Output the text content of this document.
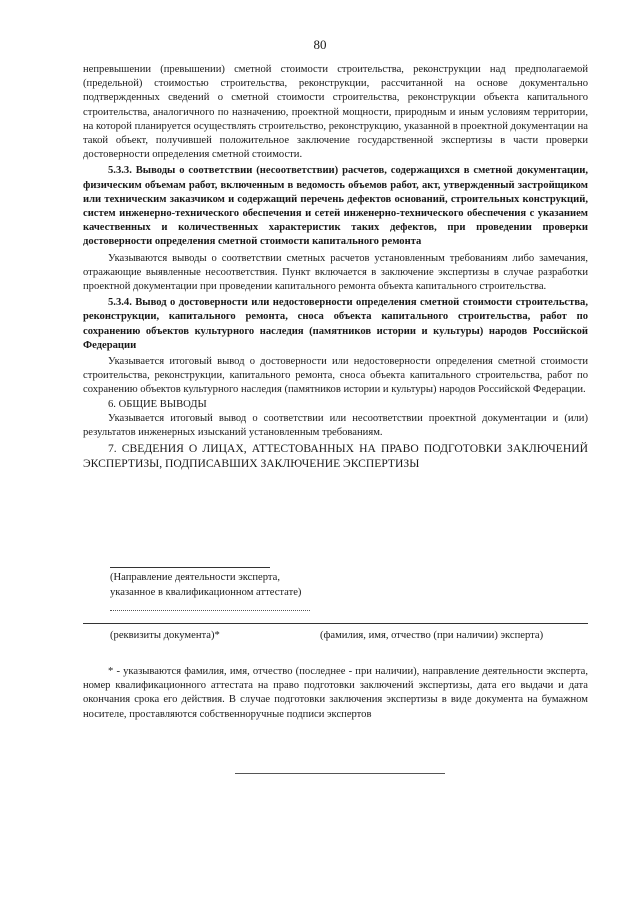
80

непревышении (превышении) сметной стоимости строительства, реконструкции над предполагаемой (предельной) стоимостью строительства, реконструкции, рассчитанной на основе документально подтвержденных сведений о сметной стоимости строительства, реконструкции объекта капитального строительства, аналогичного по назначению, проектной мощности, природным и иным условиям территории, на которой планируется осуществлять строительство, реконструкцию, указанной в проектной документации на такой объект, получившей положительное заключение государственной экспертизы в части проверки достоверности определения сметной стоимости.

5.3.3. Выводы о соответствии (несоответствии) расчетов, содержащихся в сметной документации, физическим объемам работ, включенным в ведомость объемов работ, акт, утвержденный застройщиком или техническим заказчиком и содержащий перечень дефектов оснований, строительных конструкций, систем инженерно-технического обеспечения и сетей инженерно-технического обеспечения с указанием качественных и количественных характеристик таких дефектов, при проведении проверки достоверности определения сметной стоимости капитального ремонта

Указываются выводы о соответствии сметных расчетов установленным требованиям либо замечания, отражающие выявленные несоответствия. Пункт включается в заключение экспертизы в случае разработки проектной документации при проведении капитального ремонта объекта капитального строительства.

5.3.4. Вывод о достоверности или недостоверности определения сметной стоимости строительства, реконструкции, капитального ремонта, сноса объекта капитального строительства, работ по сохранению объектов культурного наследия (памятников истории и культуры) народов Российской Федерации

Указывается итоговый вывод о достоверности или недостоверности определения сметной стоимости строительства, реконструкции, капитального ремонта, сноса объекта капитального строительства, работ по сохранению объектов культурного наследия (памятников истории и культуры) народов Российской Федерации.

6. ОБЩИЕ ВЫВОДЫ

Указывается итоговый вывод о соответствии или несоответствии проектной документации и (или) результатов инженерных изысканий установленным требованиям.

7. СВЕДЕНИЯ О ЛИЦАХ, АТТЕСТОВАННЫХ НА ПРАВО ПОДГОТОВКИ ЗАКЛЮЧЕНИЙ ЭКСПЕРТИЗЫ, ПОДПИСАВШИХ ЗАКЛЮЧЕНИЕ ЭКСПЕРТИЗЫ

(Направление деятельности эксперта,
указанное в квалификационном аттестате)
(реквизиты документа)*	(фамилия, имя, отчество (при наличии) эксперта)
* - указываются фамилия, имя, отчество (последнее - при наличии), направление деятельности эксперта, номер квалификационного аттестата на право подготовки заключений экспертизы, дата его выдачи и дата окончания срока его действия. В случае подготовки заключения экспертизы в виде документа на бумажном носителе, проставляются собственноручные подписи экспертов
